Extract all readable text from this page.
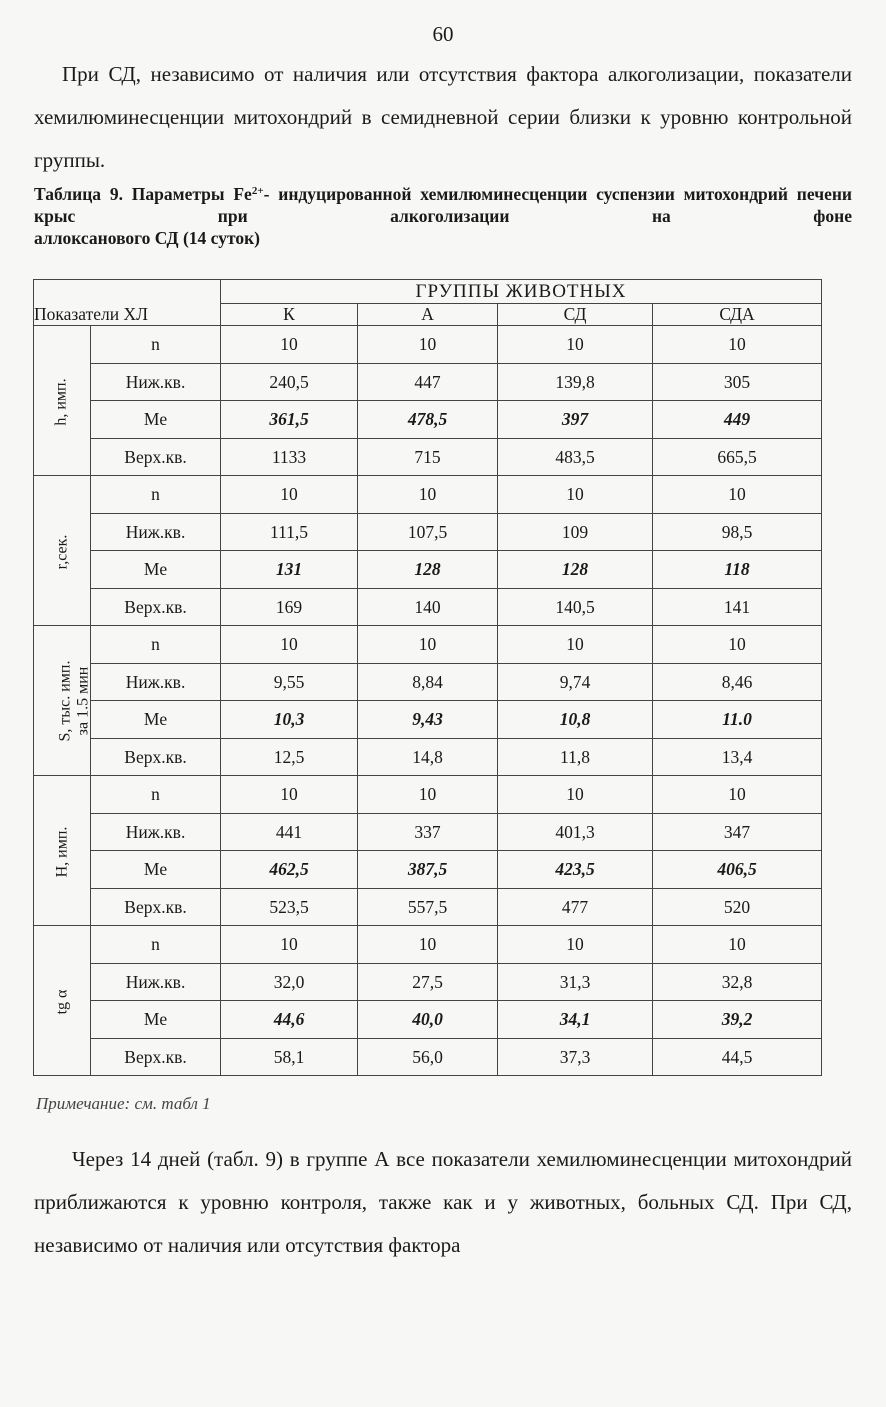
60

При СД, независимо от наличия или отсутствия фактора алкоголизации, показатели хемилюминесценции митохондрий в семидневной серии близки к уровню контрольной группы.

Таблица 9. Параметры $Fe^{2+}-$ индуцированной хемилюминесценции суспензии митохондрий печени крыс при алкоголизации на фоне
аллоксанового СД (14 суток)
Показатели ХЛ		ГРУППЫ ЖИВОТНЫХ			
		К	А	СД	СДА

h, имп.	n	10	10	10	10
	Ниж.кв.	240,5	447	139,8	305
	Me	361,5	478,5	397	449
	Верх.кв.	1133	715	483,5	665,5

r,сек.	n	10	10	10	10
	Ниж.кв.	111,5	107,5	109	98,5
	Me	131	128	128	118
	Верх.кв.	169	140	140,5	141

S, тыс. имп. за 1.5 мин	n	10	10	10	10
	Ниж.кв.	9,55	8,84	9,74	8,46
	Me	10,3	9,43	10,8	11.0
	Верх.кв.	12,5	14,8	11,8	13,4

H, имп.	n	10	10	10	10
	Ниж.кв.	441	337	401,3	347
	Me	462,5	387,5	423,5	406,5
	Верх.кв.	523,5	557,5	477	520

tg α	n	10	10	10	10
	Ниж.кв.	32,0	27,5	31,3	32,8
	Me	44,6	40,0	34,1	39,2
	Верх.кв.	58,1	56,0	37,3	44,5
Примечание: см. табл 1

Через 14 дней (табл. 9) в группе А все показатели хемилюминесценции митохондрий приближаются к уровню контроля, также как и у животных, больных СД. При СД, независимо от наличия или отсутствия фактора
